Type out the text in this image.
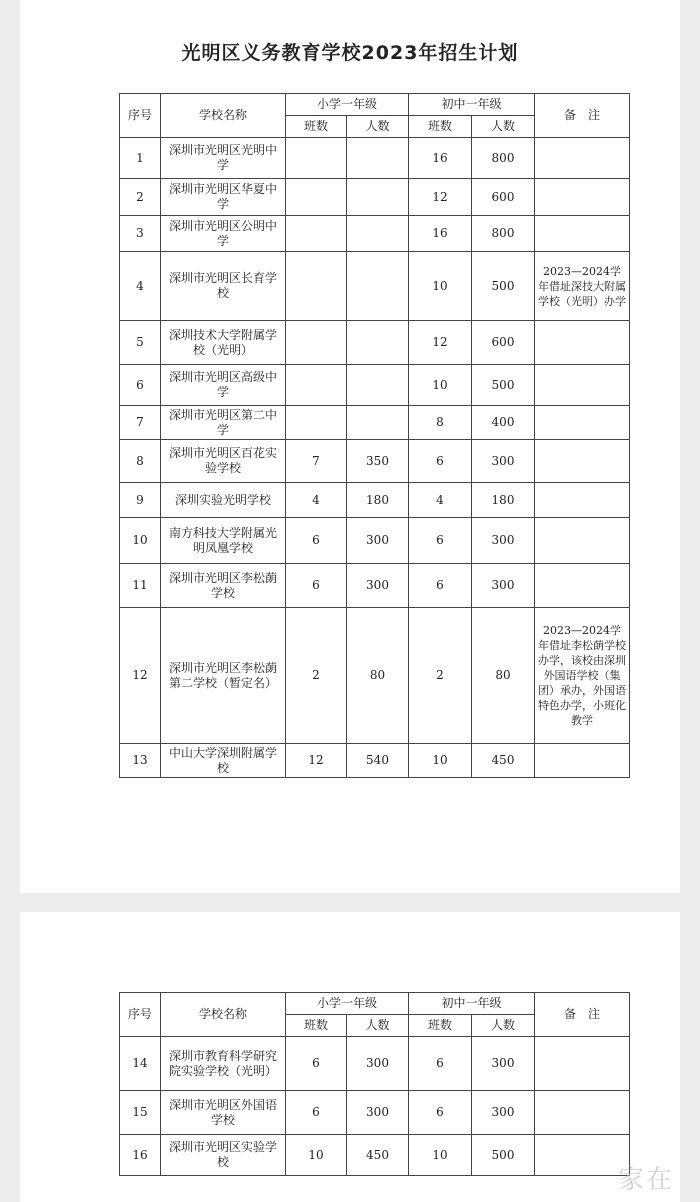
光明区义务教育学校2023年招生计划
序号	学校名称	小学一年级		初中一年级		备　注
		班数	人数	班数	人数	
1	深圳市光明区光明中学			16	800	
2	深圳市光明区华夏中学			12	600	
3	深圳市光明区公明中学			16	800	
4	深圳市光明区长育学校			10	500	2023—2024学年借址深技大附属学校（光明）办学
5	深圳技术大学附属学校（光明）			12	600	
6	深圳市光明区高级中学			10	500	
7	深圳市光明区第二中学			8	400	
8	深圳市光明区百花实验学校	7	350	6	300	
9	深圳实验光明学校	4	180	4	180	
10	南方科技大学附属光明凤凰学校	6	300	6	300	
11	深圳市光明区李松蓢学校	6	300	6	300	
12	深圳市光明区李松蓢第二学校（暂定名）	2	80	2	80	2023—2024学年借址李松蓢学校办学，该校由深圳外国语学校（集团）承办，外国语特色办学，小班化教学
13	中山大学深圳附属学校	12	540	10	450	
序号	学校名称	小学一年级		初中一年级		备　注
		班数	人数	班数	人数	
14	深圳市教育科学研究院实验学校（光明）	6	300	6	300	
15	深圳市光明区外国语学校	6	300	6	300	
16	深圳市光明区实验学校	10	450	10	500	
家在
